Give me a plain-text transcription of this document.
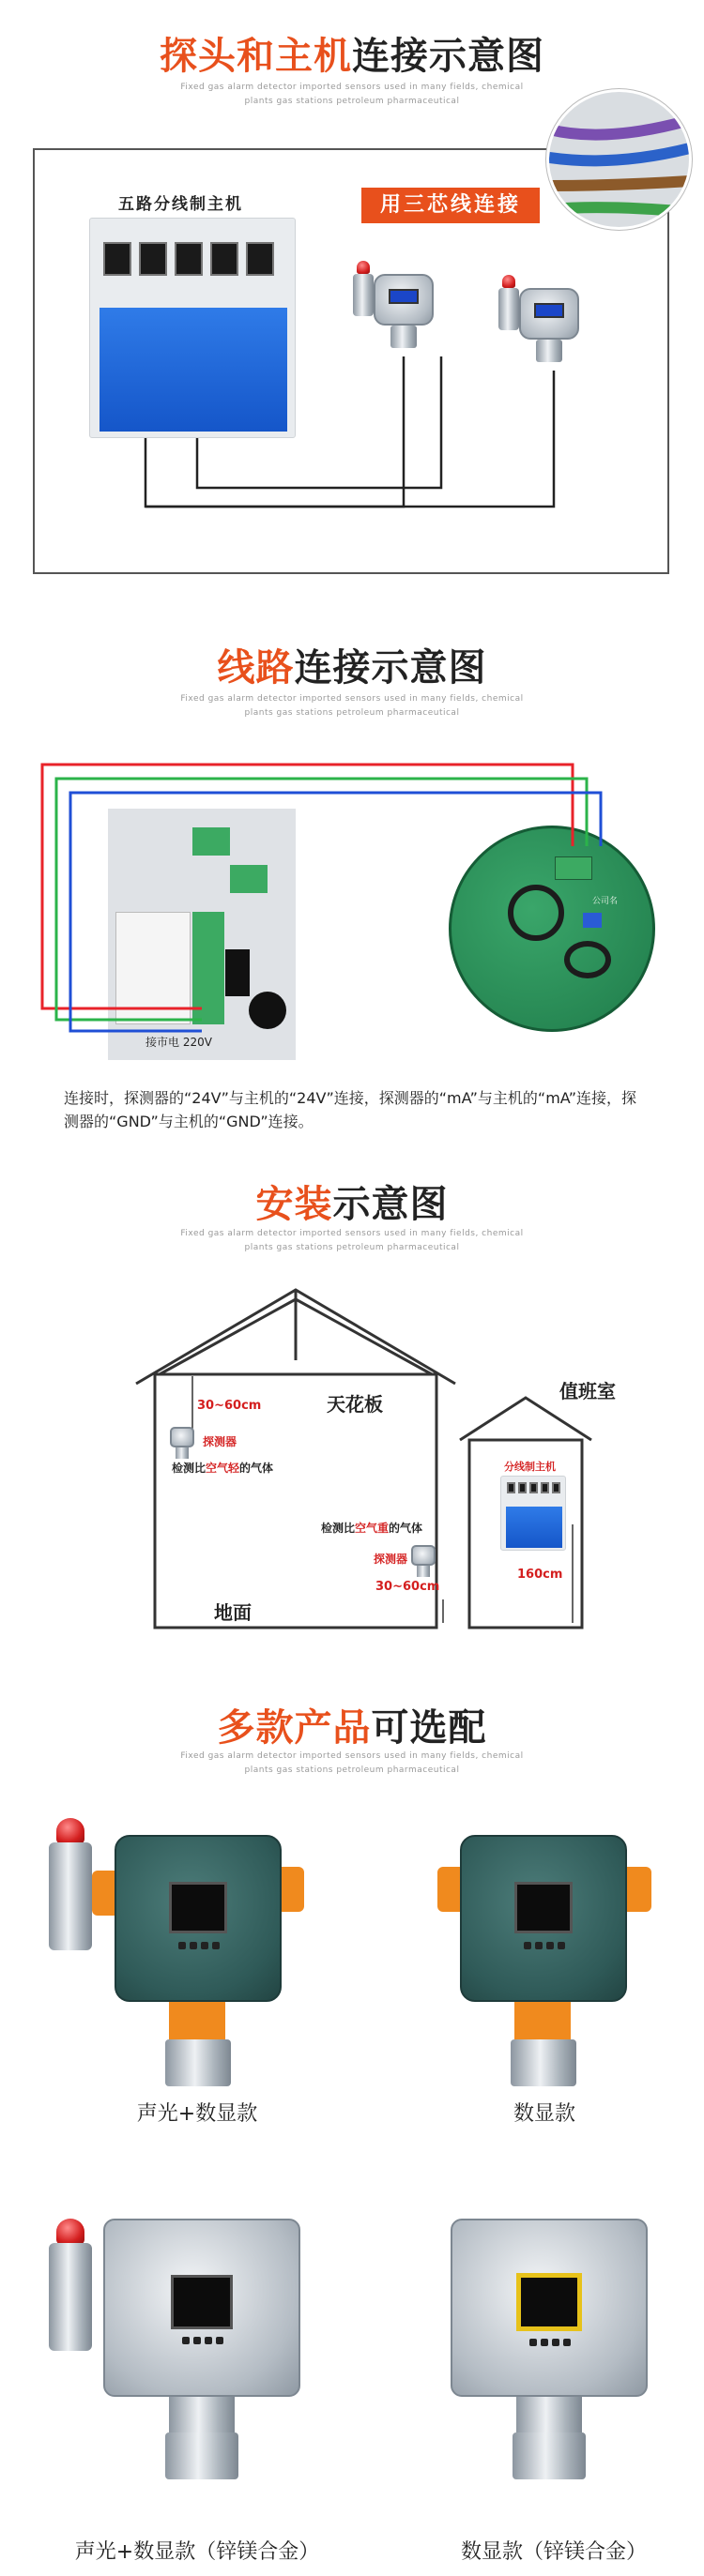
探头和主机连接示意图
Fixed gas alarm detector imported sensors used in many fields, chemical
plants gas stations petroleum pharmaceutical
五路分线制主机	用三芯线连接
线路连接示意图
Fixed gas alarm detector imported sensors used in many fields, chemical
plants gas stations petroleum pharmaceutical
接市电 220V
公司名
连接时，探测器的“24V”与主机的“24V”连接，探测器的“mA”与主机的“mA”连接，探测器的“GND”与主机的“GND”连接。
安装示意图
Fixed gas alarm detector imported sensors used in many fields, chemical
plants gas stations petroleum pharmaceutical
天花板
地面
值班室
30~60cm
探测器
检测比空气轻的气体
检测比空气重的气体
探测器
30~60cm
分线制主机
160cm
多款产品可选配
Fixed gas alarm detector imported sensors used in many fields, chemical
plants gas stations petroleum pharmaceutical
声光+数显款	数显款
声光+数显款（锌镁合金）	数显款（锌镁合金）
